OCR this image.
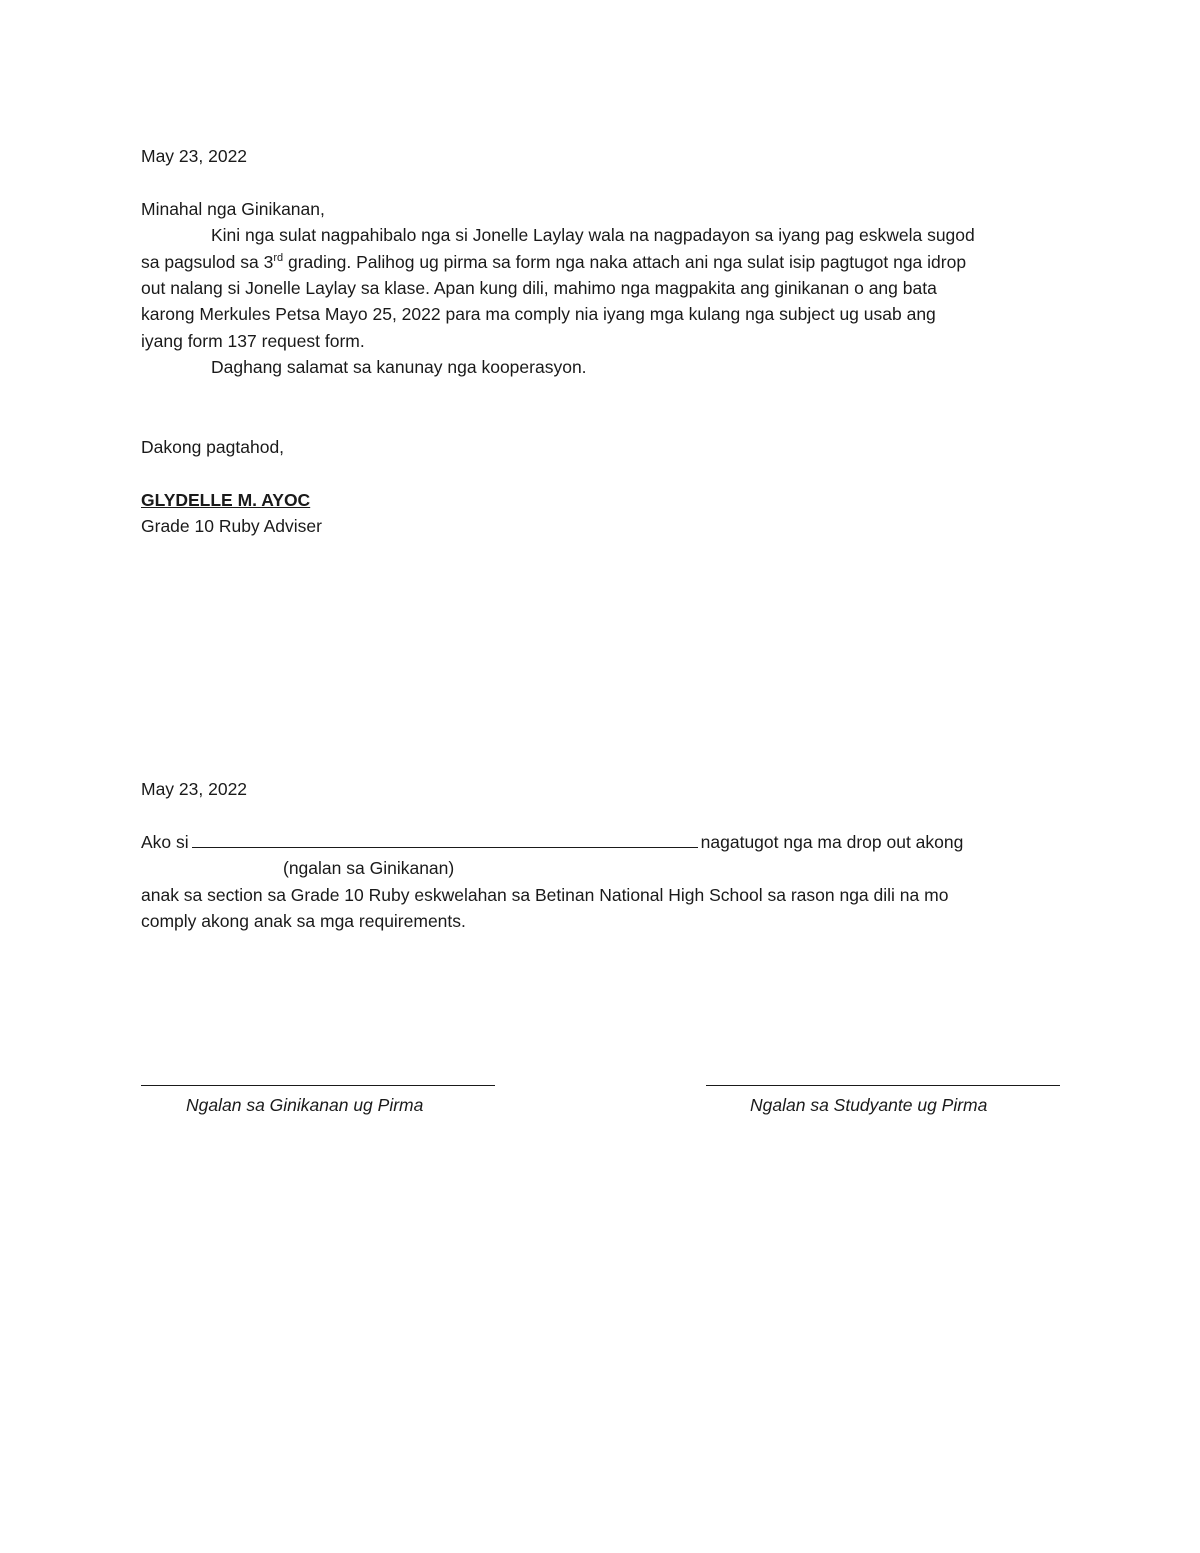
May 23, 2022
Minahal nga Ginikanan,
Kini nga sulat nagpahibalo nga si Jonelle Laylay wala na nagpadayon sa iyang pag eskwela sugod
sa pagsulod sa 3rd grading. Palihog ug pirma sa form nga naka attach ani nga sulat isip pagtugot nga idrop
out nalang si Jonelle Laylay sa klase. Apan kung dili, mahimo nga magpakita ang ginikanan o ang bata
karong Merkules Petsa Mayo 25, 2022 para ma comply nia iyang mga kulang nga subject ug usab ang
iyang form 137 request form.
Daghang salamat sa kanunay nga kooperasyon.
Dakong pagtahod,
GLYDELLE M. AYOC
Grade 10 Ruby Adviser
May 23, 2022
Ako si	nagatugot nga ma drop out akong
(ngalan sa Ginikanan)
anak sa section sa Grade 10 Ruby eskwelahan sa Betinan National High School sa rason nga dili na mo
comply akong anak sa mga requirements.
Ngalan sa Ginikanan ug Pirma	Ngalan sa Studyante ug Pirma
